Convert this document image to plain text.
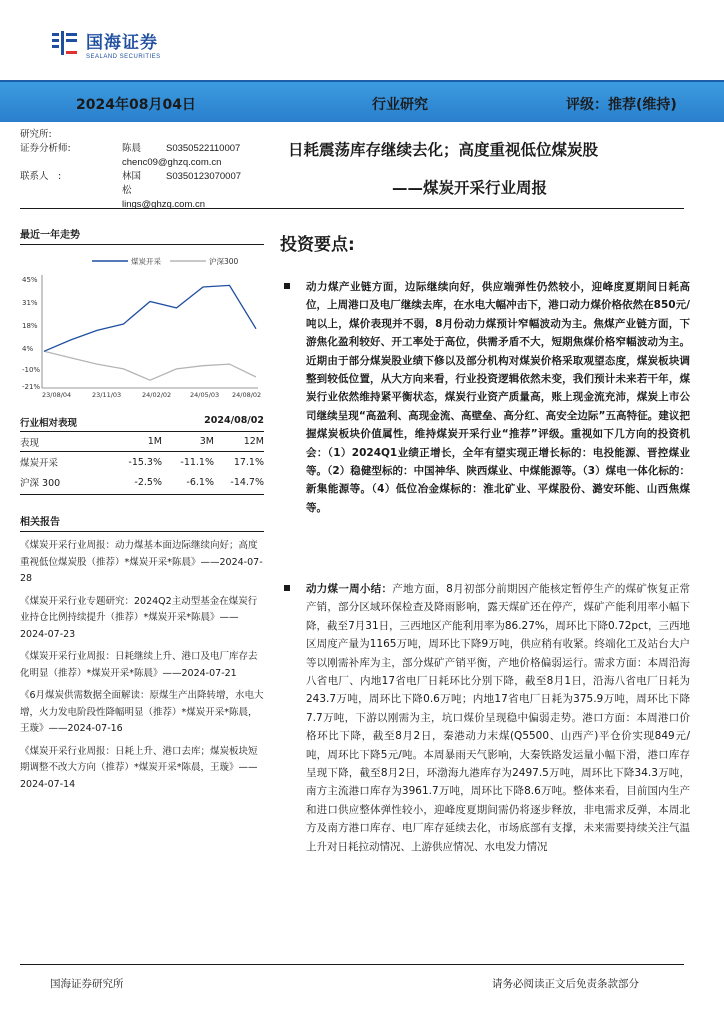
国海证券
SEALAND SECURITIES
2024年08月04日	行业研究	评级：推荐(维持)
研究所:
证券分析师:	陈晨	S0350522110007
chenc09@ghzq.com.cn
联系人　:	林国松
S0350123070007
lings@ghzq.com.cn
日耗震荡库存继续去化；高度重视低位煤炭股
——煤炭开采行业周报
最近一年走势
煤炭开采	沪深300
45%
31%
18%
4%
-10%
-21%
23/08/04	23/11/03	24/02/02	24/05/03 24/08/02
行业相对表现	2024/08/02
表现	1M	3M	12M
煤炭开采	-15.3%	-11.1%	17.1%
沪深 300	-2.5%	-6.1%	-14.7%
相关报告
《煤炭开采行业周报：动力煤基本面边际继续向好；高度重视低位煤炭股（推荐）*煤炭开采*陈晨》——2024-07-28
《煤炭开采行业专题研究：2024Q2主动型基金在煤炭行业持仓比例持续提升（推荐）*煤炭开采*陈晨》——2024-07-23
《煤炭开采行业周报：日耗继续上升、港口及电厂库存去化明显（推荐）*煤炭开采*陈晨》——2024-07-21
《6月煤炭供需数据全面解读：原煤生产出降转增，水电大增，火力发电阶段性降幅明显（推荐）*煤炭开采*陈晨，王璇》——2024-07-16
《煤炭开采行业周报：日耗上升、港口去库；煤炭板块短期调整不改大方向（推荐）*煤炭开采*陈晨，王璇》——2024-07-14
投资要点:
动力煤产业链方面，边际继续向好，供应端弹性仍然较小，迎峰度夏期间日耗高位，上周港口及电厂继续去库，在水电大幅冲击下，港口动力煤价格依然在850元/吨以上，煤价表现并不弱，8月份动力煤预计窄幅波动为主。焦煤产业链方面，下游焦化盈利较好、开工率处于高位，供需矛盾不大，短期焦煤价格窄幅波动为主。近期由于部分煤炭股业绩下修以及部分机构对煤炭价格采取观望态度，煤炭板块调整到较低位置，从大方向来看，行业投资逻辑依然未变，我们预计未来若干年，煤炭行业依然维持紧平衡状态，煤炭行业资产质量高，账上现金流充沛，煤炭上市公司继续呈现“高盈利、高现金流、高壁垒、高分红、高安全边际”五高特征。建议把握煤炭板块价值属性，维持煤炭开采行业“推荐”评级。重视如下几方向的投资机会：（1）2024Q1业绩正增长，全年有望实现正增长标的：电投能源、晋控煤业等。（2）稳健型标的：中国神华、陕西煤业、中煤能源等。（3）煤电一体化标的：新集能源等。（4）低位冶金煤标的：淮北矿业、平煤股份、潞安环能、山西焦煤等。
动力煤一周小结：产地方面，8月初部分前期因产能核定暂停生产的煤矿恢复正常产销，部分区域环保检查及降雨影响，露天煤矿还在停产，煤矿产能利用率小幅下降，截至7月31日，三西地区产能利用率为86.27%，周环比下降0.72pct，三西地区周度产量为1165万吨，周环比下降9万吨，供应稍有收紧。终端化工及站台大户等以刚需补库为主，部分煤矿产销平衡，产地价格偏弱运行。需求方面：本周沿海八省电厂、内地17省电厂日耗环比分别下降，截至8月1日，沿海八省电厂日耗为243.7万吨，周环比下降0.6万吨；内地17省电厂日耗为375.9万吨，周环比下降7.7万吨，下游以刚需为主，坑口煤价呈现稳中偏弱走势。港口方面：本周港口价格环比下降，截至8月2日，秦港动力末煤(Q5500、山西产)平仓价实现849元/吨，周环比下降5元/吨。本周暴雨天气影响，大秦铁路发运量小幅下滑，港口库存呈现下降，截至8月2日，环渤海九港库存为2497.5万吨，周环比下降34.3万吨，南方主流港口库存为3961.7万吨，周环比下降8.6万吨。整体来看，目前国内生产和进口供应整体弹性较小，迎峰度夏期间需仍将逐步释放，非电需求反弹，本周北方及南方港口库存、电厂库存延续去化，市场底部有支撑，未来需要持续关注气温上升对日耗拉动情况、上游供应情况、水电发力情况
国海证券研究所	请务必阅读正文后免责条款部分
